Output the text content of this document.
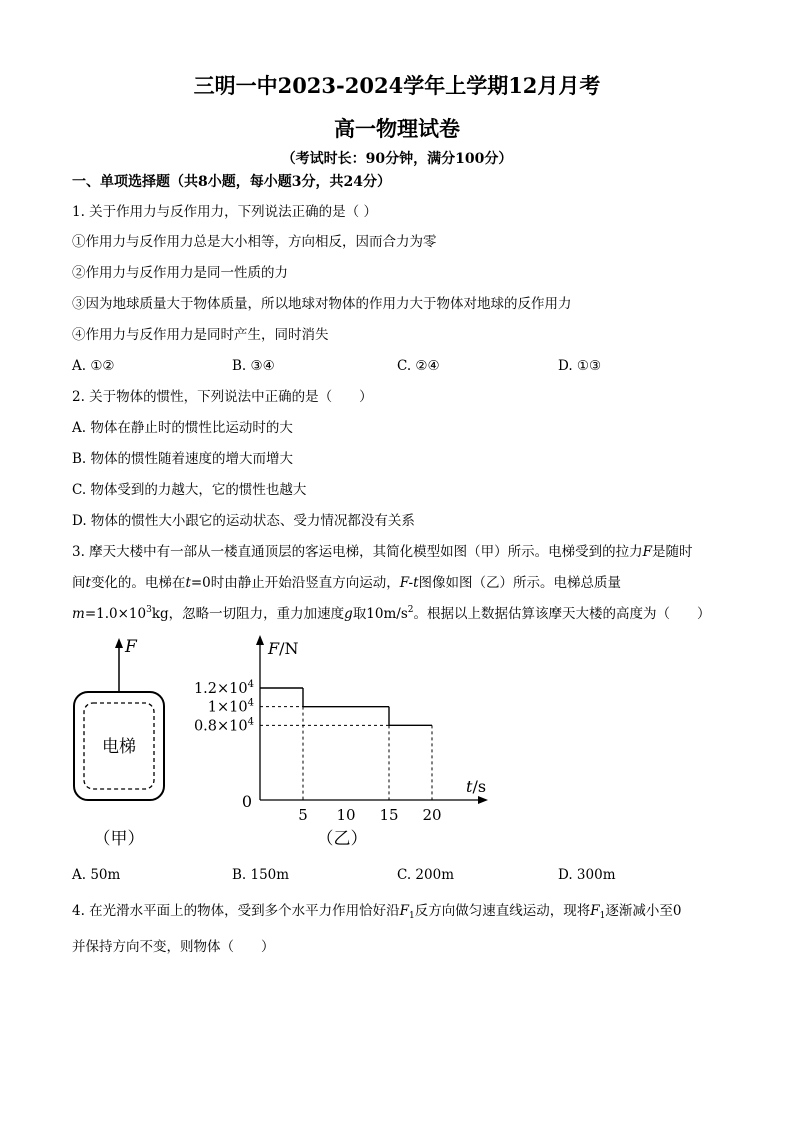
三明一中2023-2024学年上学期12月月考
高一物理试卷
（考试时长：90分钟，满分100分）
一、单项选择题（共8小题，每小题3分，共24分）
1. 关于作用力与反作用力，下列说法正确的是（ ）
①作用力与反作用力总是大小相等，方向相反，因而合力为零
②作用力与反作用力是同一性质的力
③因为地球质量大于物体质量，所以地球对物体的作用力大于物体对地球的反作用力
④作用力与反作用力是同时产生，同时消失
A. ①②	B. ③④	C. ②④	D. ①③
2. 关于物体的惯性，下列说法中正确的是（　　）
A. 物体在静止时的惯性比运动时的大
B. 物体的惯性随着速度的增大而增大
C. 物体受到的力越大，它的惯性也越大
D. 物体的惯性大小跟它的运动状态、受力情况都没有关系
3. 摩天大楼中有一部从一楼直通顶层的客运电梯，其简化模型如图（甲）所示。电梯受到的拉力F是随时
间t变化的。电梯在t=0时由静止开始沿竖直方向运动，F-t图像如图（乙）所示。电梯总质量
$m=1.0\times 10^3kg$，忽略一切阻力，重力加速度g取$10m/s^2$。根据以上数据估算该摩天大楼的高度为（　　）
F
电梯
（甲）
F/N
t/s
0
5 10 15 20
$1.2\times 10^4$
$1\times 10^4$
$0.8\times 10^4$
（乙）
A. 50m	B. 150m	C. 200m	D. 300m
4. 在光滑水平面上的物体，受到多个水平力作用恰好沿$F_1$反方向做匀速直线运动，现将$F_1$逐渐减小至0
并保持方向不变，则物体（　　）
